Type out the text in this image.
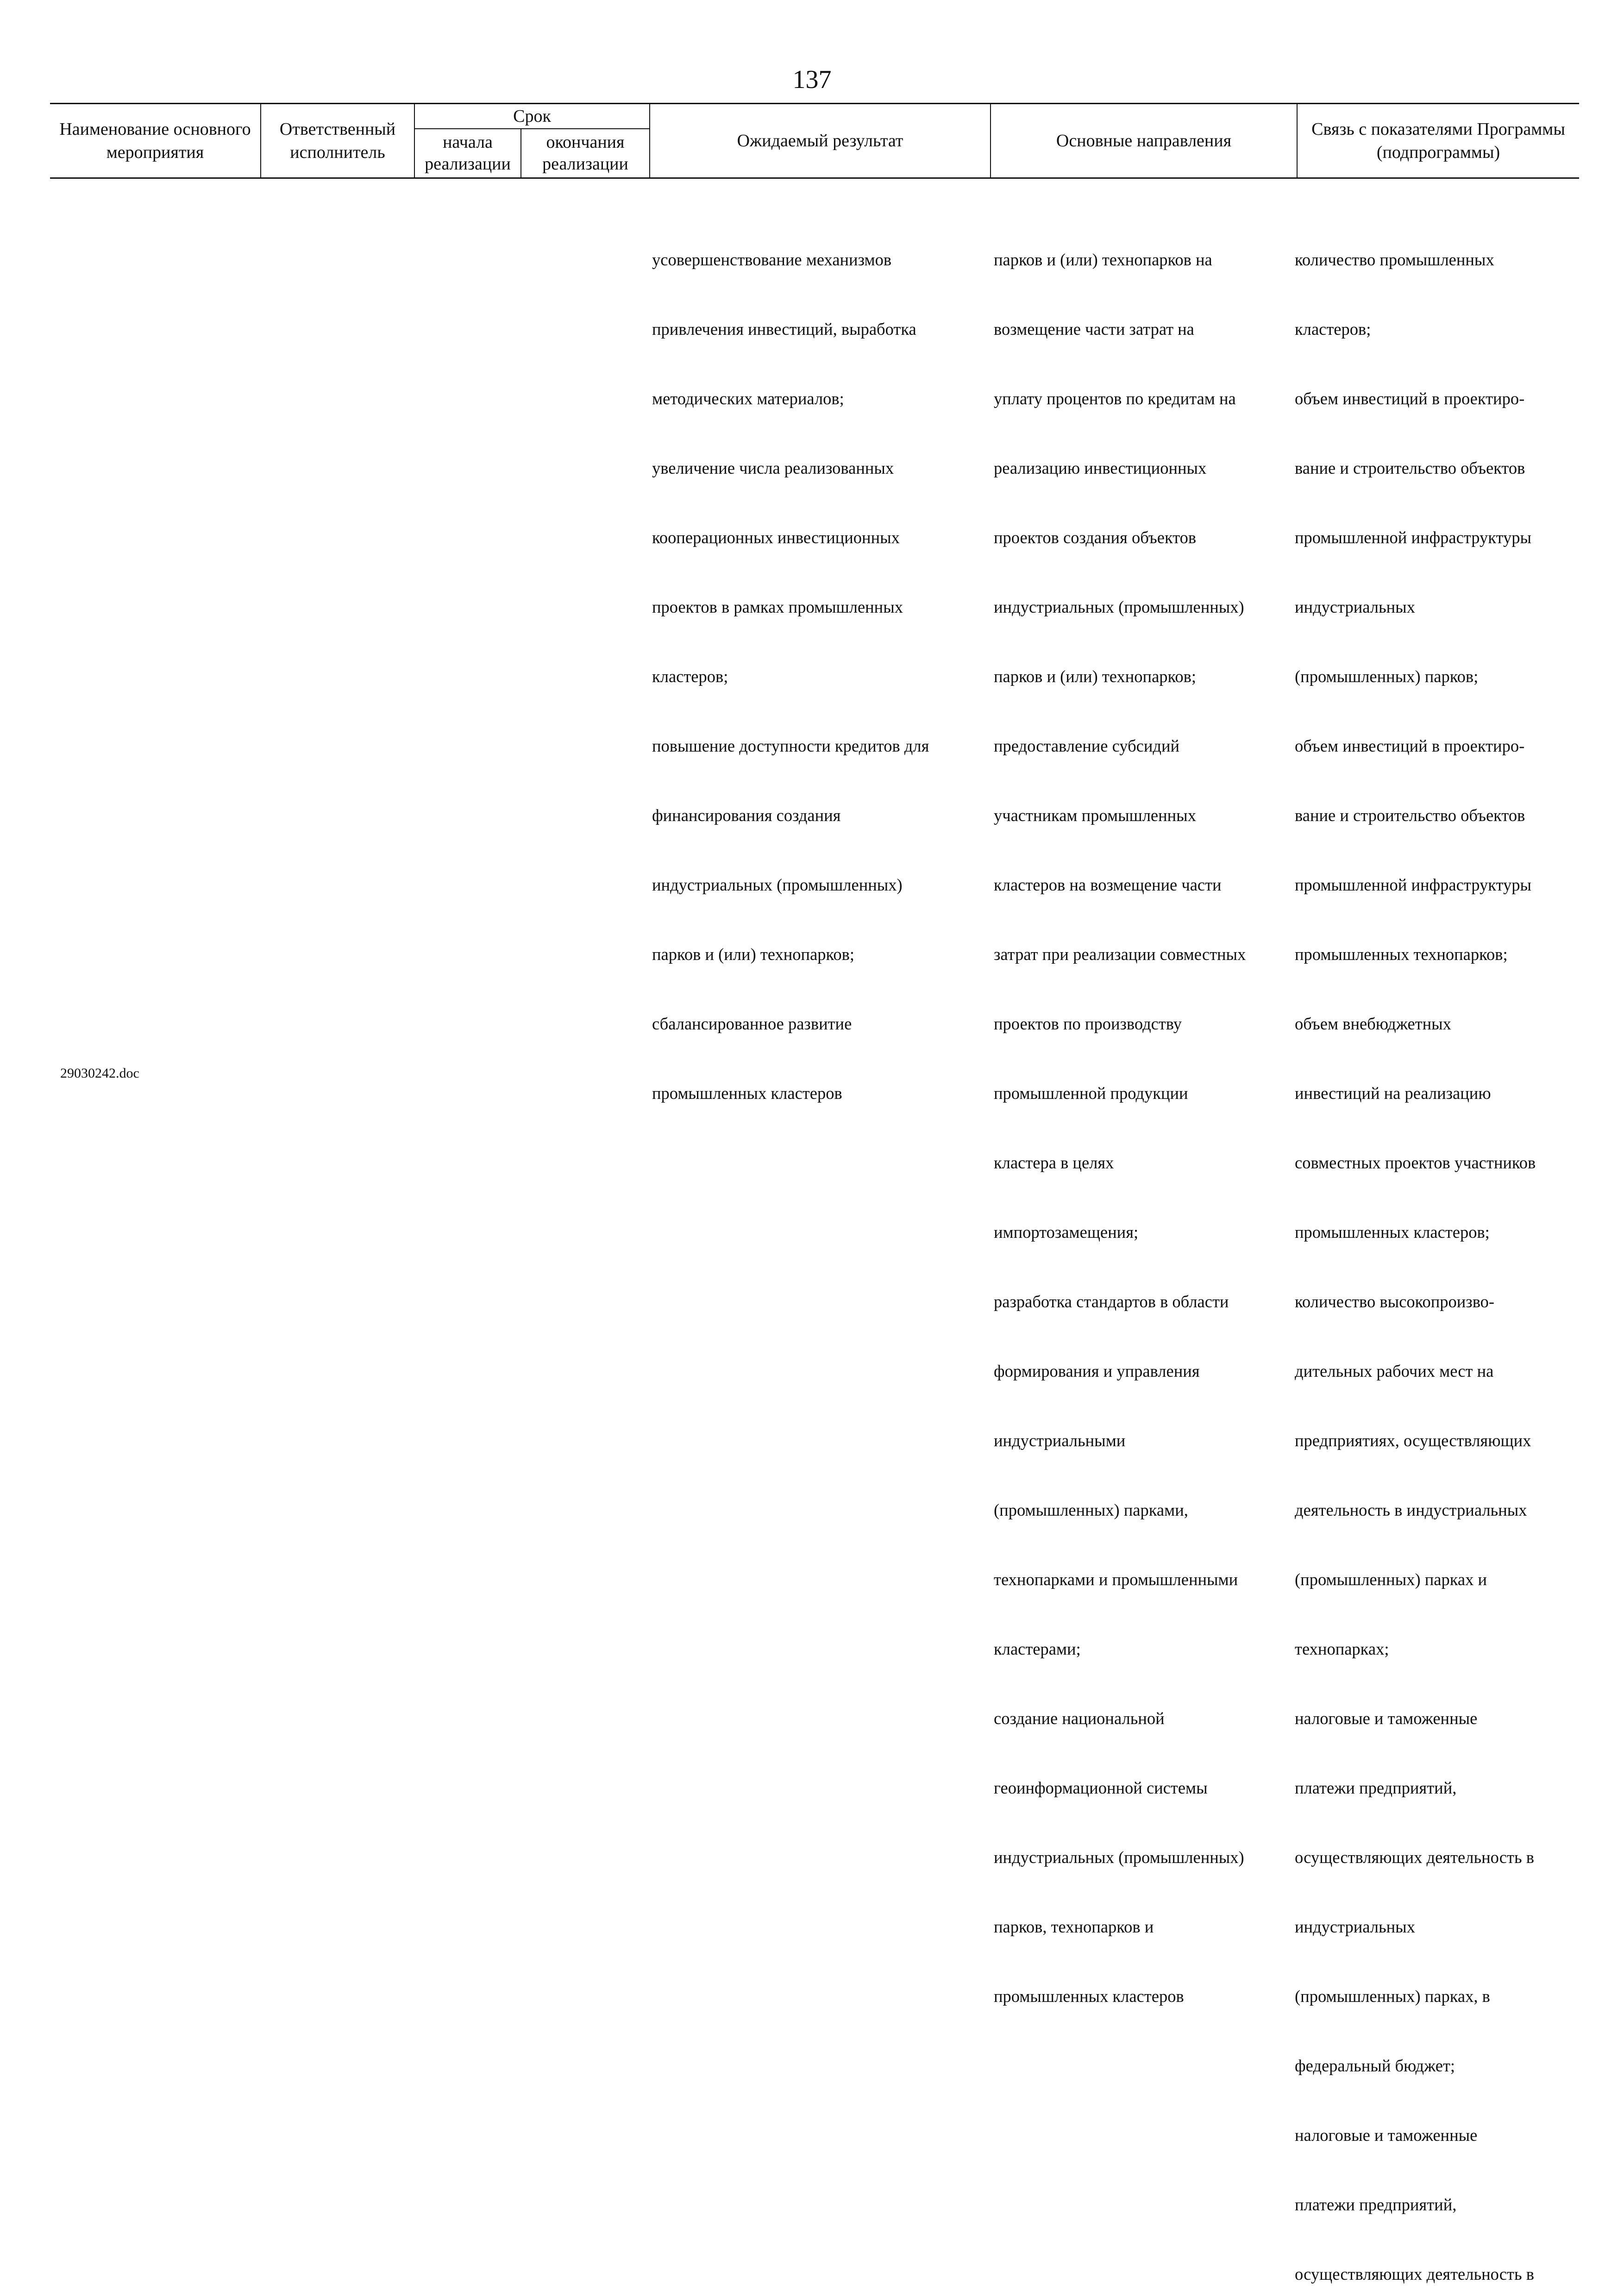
137
Наименование основного мероприятия
Ответственный исполнитель
Срок
начала реализации
окончания реализации
Ожидаемый результат	Основные направления
Связь с показателями Программы (подпрограммы)

усовершенствование механизмов

привлечения инвестиций, выработка

методических материалов;

увеличение числа реализованных

кооперационных инвестиционных

проектов в рамках промышленных

кластеров;

повышение доступности кредитов для

финансирования создания

индустриальных (промышленных)

парков и (или) технопарков;

сбалансированное развитие

промышленных кластеров

парков и (или) технопарков на

возмещение части затрат на

уплату процентов по кредитам на

реализацию инвестиционных

проектов создания объектов

индустриальных (промышленных)

парков и (или) технопарков;

предоставление субсидий

участникам промышленных

кластеров на возмещение части

затрат при реализации совместных

проектов по производству

промышленной продукции

кластера в целях

импортозамещения;

разработка стандартов в области

формирования и управления

индустриальными

(промышленных) парками,

технопарками и промышленными

кластерами;

создание национальной

геоинформационной системы

индустриальных (промышленных)

парков, технопарков и

промышленных кластеров

количество промышленных

кластеров;

объем инвестиций в проектиро-

вание и строительство объектов

промышленной инфраструктуры

индустриальных

(промышленных) парков;

объем инвестиций в проектиро-

вание и строительство объектов

промышленной инфраструктуры

промышленных технопарков;

объем внебюджетных

инвестиций на реализацию

совместных проектов участников

промышленных кластеров;

количество высокопроизво-

дительных рабочих мест на

предприятиях, осуществляющих

деятельность в индустриальных

(промышленных) парках и

технопарках;

налоговые и таможенные

платежи предприятий,

осуществляющих деятельность в

индустриальных

(промышленных) парках, в

федеральный бюджет;

налоговые и таможенные

платежи предприятий,

осуществляющих деятельность в

29030242.doc
